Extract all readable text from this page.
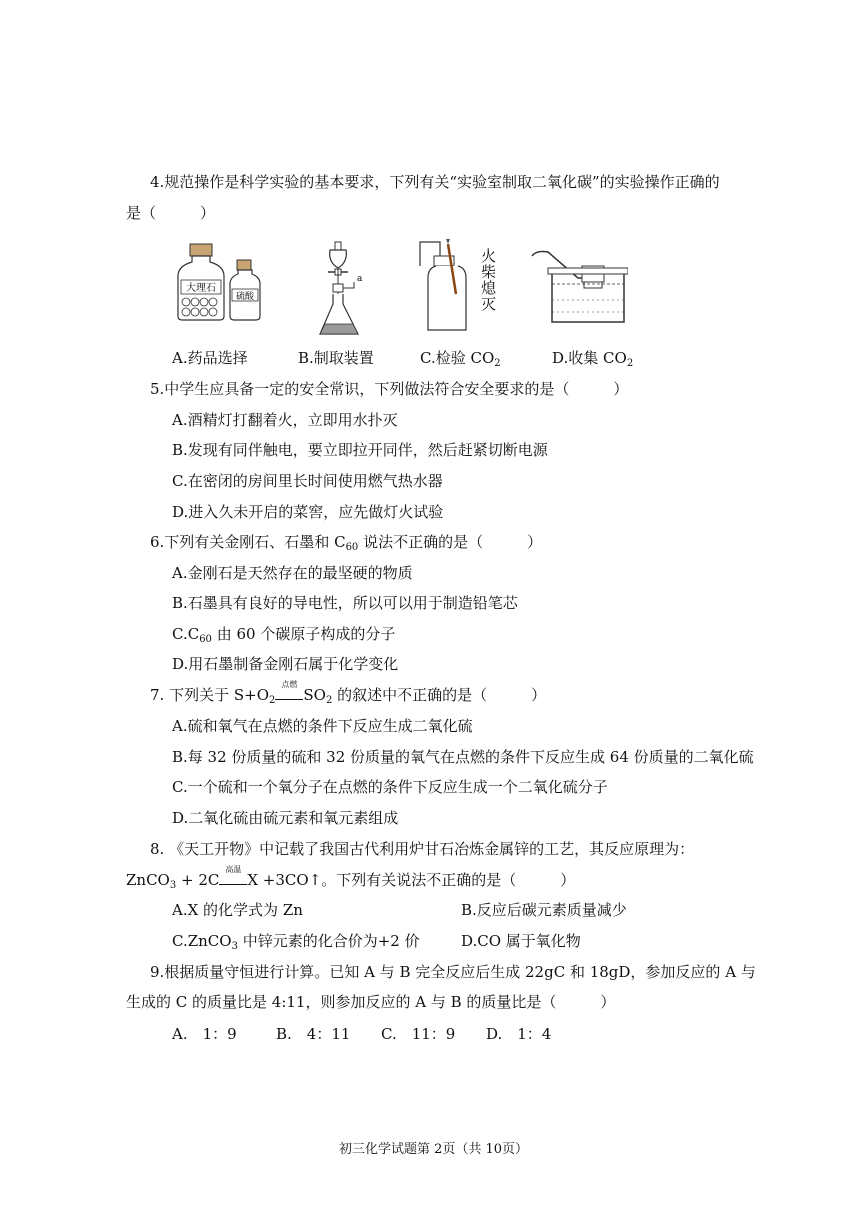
4.规范操作是科学实验的基本要求，下列有关“实验室制取二氧化碳”的实验操作正确的
是（	）
大理石
硫酸
a
火柴熄灭
A.药品选择	B.制取装置	C.检验 $CO_2$	D.收集 $CO_2$
5.中学生应具备一定的安全常识，下列做法符合安全要求的是（	）
A.酒精灯打翻着火，立即用水扑灭
B.发现有同伴触电，要立即拉开同伴，然后赶紧切断电源
C.在密闭的房间里长时间使用燃气热水器
D.进入久未开启的菜窖，应先做灯火试验
6.下列有关金刚石、石墨和 $C_{60}$ 说法不正确的是（	）
A.金刚石是天然存在的最坚硬的物质
B.石墨具有良好的导电性，所以可以用于制造铅笔芯
$C.C_{60}$ 由 60 个碳原子构成的分子
D.用石墨制备金刚石属于化学变化
7. 下列关于 $S+O_2$
点燃
$SO_2$ 的叙述中不正确的是（	）
A.硫和氧气在点燃的条件下反应生成二氧化硫
B.每 32 份质量的硫和 32 份质量的氧气在点燃的条件下反应生成 64 份质量的二氧化硫
C.一个硫和一个氧分子在点燃的条件下反应生成一个二氧化硫分子
D.二氧化硫由硫元素和氧元素组成
8. 《天工开物》中记载了我国古代利用炉甘石冶炼金属锌的工艺，其反应原理为：
ZnCO$_3$ + 2C
高温
X +3CO↑。下列有关说法不正确的是（	）
A.X 的化学式为 Zn	B.反应后碳元素质量减少
C.ZnCO$_3$ 中锌元素的化合价为+2 价	D.CO 属于氧化物
9.根据质量守恒进行计算。已知 A 与 B 完全反应后生成 22gC 和 18gD，参加反应的 A 与
生成的 C 的质量比是 4:11，则参加反应的 A 与 B 的质量比是（	）
A.　1：9	B.　4：11 C.　11：9 D.　1：4
初三化学试题第 2页（共 10页）
